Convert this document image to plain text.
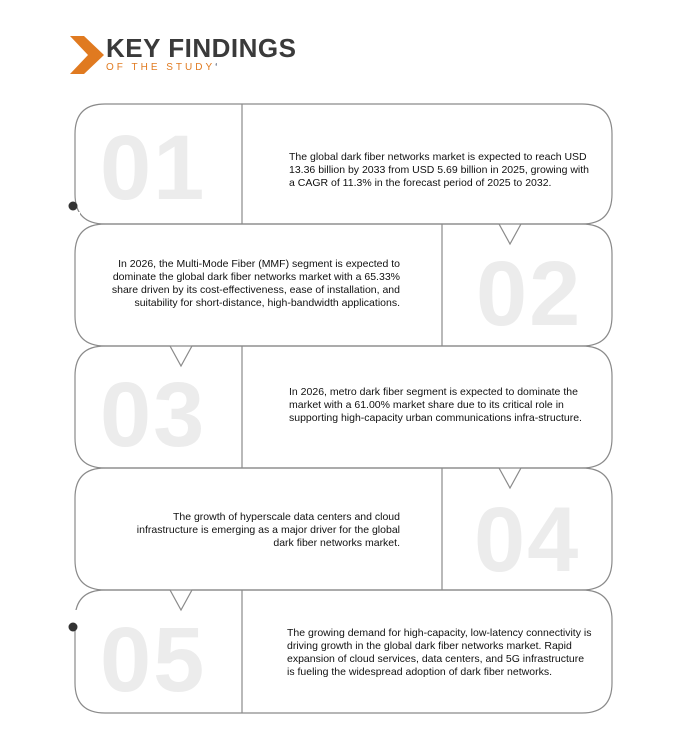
KEY FINDINGS
OF THE STUDY‘
01
02
03
04
05
The global dark fiber networks market is expected to reach USD 13.36 billion by 2033 from USD 5.69 billion in 2025, growing with a CAGR of 11.3% in the forecast period of 2025 to 2032.
In 2026, the Multi-Mode Fiber (MMF) segment is expected to dominate the global dark fiber networks market with a 65.33% share driven by its cost-effectiveness, ease of installation, and suitability for short-distance, high-bandwidth applications.
In 2026, metro dark fiber segment is expected to dominate the market with a 61.00% market share due to its critical role in supporting high-capacity urban communications infra-structure.
The growth of hyperscale data centers and cloud infrastructure is emerging as a major driver for the global dark fiber networks market.
The growing demand for high-capacity, low-latency connectivity is driving growth in the global dark fiber networks market. Rapid expansion of cloud services, data centers, and 5G infrastructure is fueling the widespread adoption of dark fiber networks.
